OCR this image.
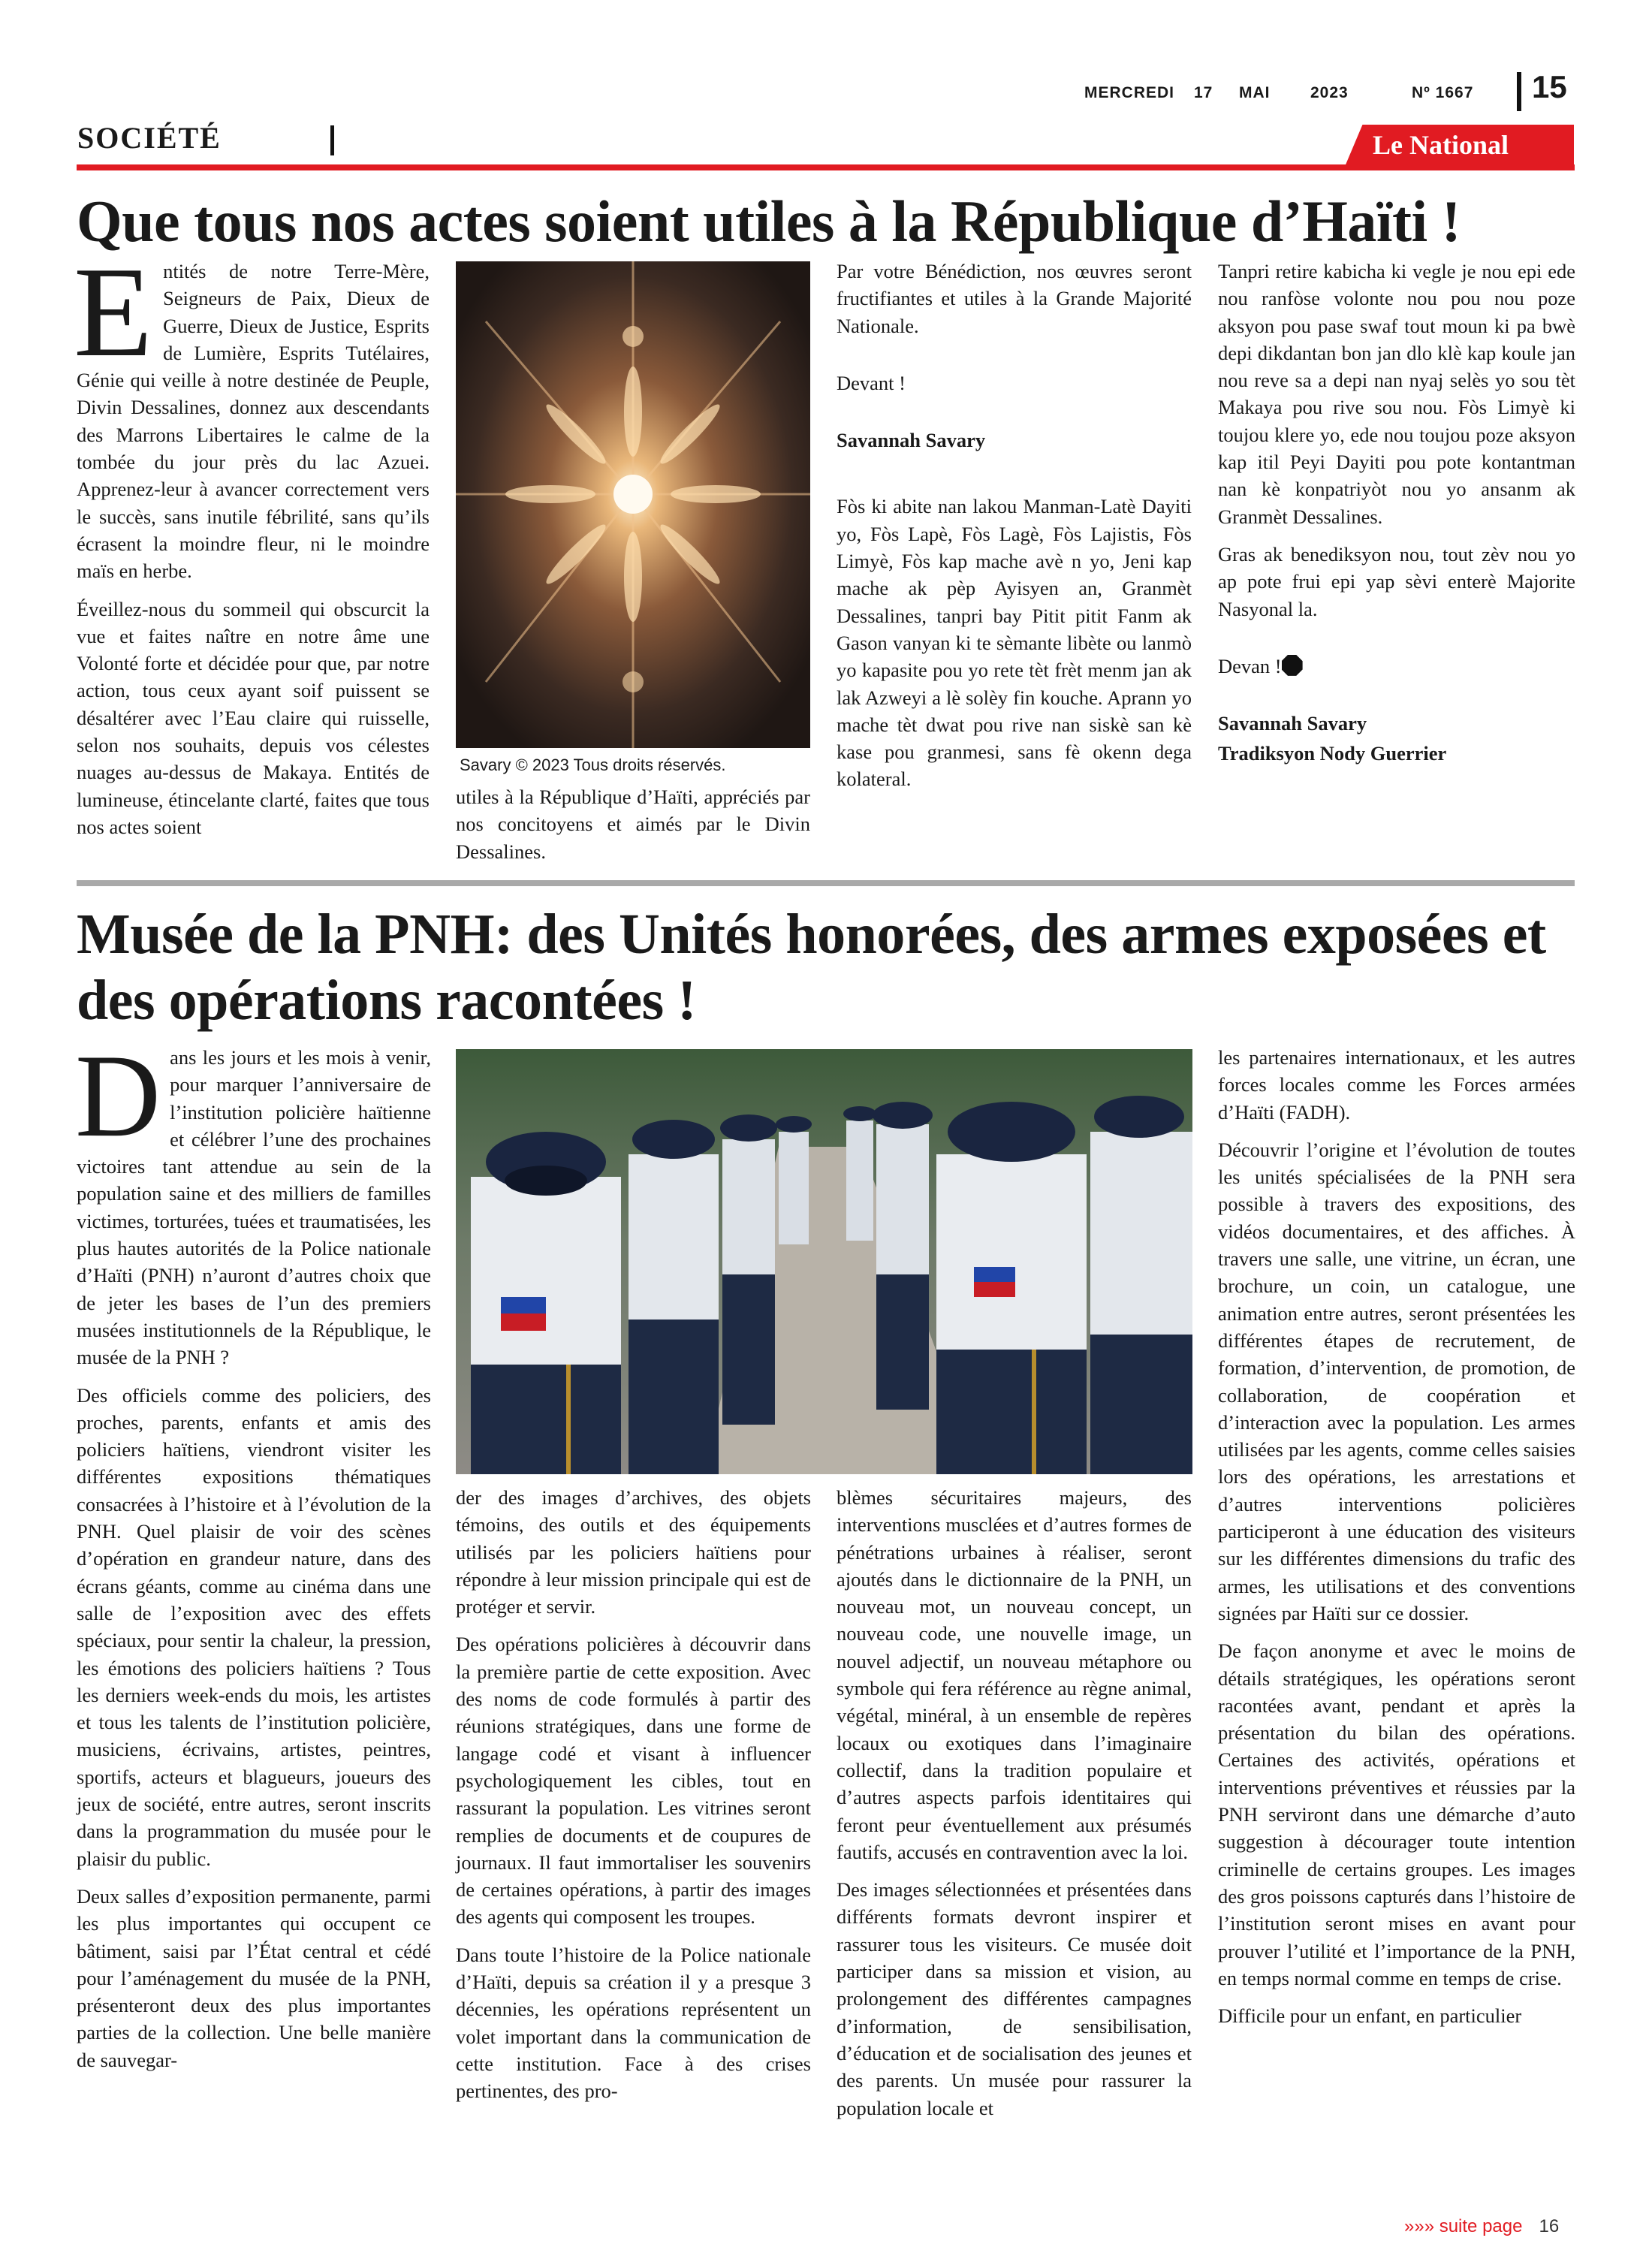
MERCREDI 17 MAI	2023	Nº 1667 15
SOCIÉTÉ	Le National
Que tous nos actes soient utiles à la République d’Haïti !

Entités de notre Terre-Mère, Seigneurs de Paix, Dieux de Guerre, Dieux de Justice, Esprits de Lumière, Esprits Tutélaires, Génie qui veille à notre destinée de Peuple, Divin Dessalines, donnez aux descendants des Marrons Libertaires le calme de la tombée du jour près du lac Azuei. Apprenez-leur à avancer correctement vers le succès, sans inutile fébrilité, sans qu’ils écrasent la moindre fleur, ni le moindre maïs en herbe.

Éveillez-nous du sommeil qui obscurcit la vue et faites naître en notre âme une Volonté forte et décidée pour que, par notre action, tous ceux ayant soif puissent se désaltérer avec l’Eau claire qui ruisselle, selon nos souhaits, depuis vos célestes nuages au-dessus de Makaya. Entités de lumineuse, étincelante clarté, faites que tous nos actes soient

Savary © 2023 Tous droits réservés.

utiles à la République d’Haïti, appréciés par nos concitoyens et aimés par le Divin Dessalines.

Par votre Bénédiction, nos œuvres seront fructifiantes et utiles à la Grande Majorité Nationale.

Devant !

Savannah Savary

Fòs ki abite nan lakou Manman-Latè Dayiti yo, Fòs Lapè, Fòs Lagè, Fòs Lajistis, Fòs Limyè, Fòs kap mache avè n yo, Jeni kap mache ak pèp Ayisyen an, Granmèt Dessalines, tanpri bay Pitit pitit Fanm ak Gason vanyan ki te sèmante libète ou lanmò yo kapasite pou yo rete tèt frèt menm jan ak lak Azweyi a lè solèy fin kouche. Aprann yo mache tèt dwat pou rive nan siskè san kè kase pou granmesi, sans fè okenn dega kolateral.

Tanpri retire kabicha ki vegle je nou epi ede nou ranfòse volonte nou pou nou poze aksyon pou pase swaf tout moun ki pa bwè depi dikdantan bon jan dlo klè kap koule jan nou reve sa a depi nan nyaj selès yo sou tèt Makaya pou rive sou nou. Fòs Limyè ki toujou klere yo, ede nou toujou poze aksyon kap itil Peyi Dayiti pou pote kontantman nan kè konpatriyòt nou yo ansanm ak Granmèt Dessalines.

Gras ak benediksyon nou, tout zèv nou yo ap pote frui epi yap sèvi enterè Majorite Nasyonal la.

Devan !

Savannah Savary

Tradiksyon Nody Guerrier

Musée de la PNH: des Unités honorées, des armes exposées et des opérations racontées !

Dans les jours et les mois à venir, pour marquer l’anniversaire de l’institution policière haïtienne et célébrer l’une des prochaines victoires tant attendue au sein de la population saine et des milliers de familles victimes, torturées, tuées et traumatisées, les plus hautes autorités de la Police nationale d’Haïti (PNH) n’auront d’autres choix que de jeter les bases de l’un des premiers musées institutionnels de la République, le musée de la PNH ?

Des officiels comme des policiers, des proches, parents, enfants et amis des policiers haïtiens, viendront visiter les différentes expositions thématiques consacrées à l’histoire et à l’évolution de la PNH. Quel plaisir de voir des scènes d’opération en grandeur nature, dans des écrans géants, comme au cinéma dans une salle de l’exposition avec des effets spéciaux, pour sentir la chaleur, la pression, les émotions des policiers haïtiens ? Tous les derniers week-ends du mois, les artistes et tous les talents de l’institution policière, musiciens, écrivains, artistes, peintres, sportifs, acteurs et blagueurs, joueurs des jeux de société, entre autres, seront inscrits dans la programmation du musée pour le plaisir du public.

Deux salles d’exposition permanente, parmi les plus importantes qui occupent ce bâtiment, saisi par l’État central et cédé pour l’aménagement du musée de la PNH, présenteront deux des plus importantes parties de la collection. Une belle manière de sauvegar-

der des images d’archives, des objets témoins, des outils et des équipements utilisés par les policiers haïtiens pour répondre à leur mission principale qui est de protéger et servir.

Des opérations policières à découvrir dans la première partie de cette exposition. Avec des noms de code formulés à partir des réunions stratégiques, dans une forme de langage codé et visant à influencer psychologiquement les cibles, tout en rassurant la population. Les vitrines seront remplies de documents et de coupures de journaux. Il faut immortaliser les souvenirs de certaines opérations, à partir des images des agents qui composent les troupes.

Dans toute l’histoire de la Police nationale d’Haïti, depuis sa création il y a presque 3 décennies, les opérations représentent un volet important dans la communication de cette institution. Face à des crises pertinentes, des pro-

blèmes sécuritaires majeurs, des interventions musclées et d’autres formes de pénétrations urbaines à réaliser, seront ajoutés dans le dictionnaire de la PNH, un nouveau mot, un nouveau concept, un nouveau code, une nouvelle image, un nouvel adjectif, un nouveau métaphore ou symbole qui fera référence au règne animal, végétal, minéral, à un ensemble de repères locaux ou exotiques dans l’imaginaire collectif, dans la tradition populaire et d’autres aspects parfois identitaires qui feront peur éventuellement aux présumés fautifs, accusés en contravention avec la loi.

Des images sélectionnées et présentées dans différents formats devront inspirer et rassurer tous les visiteurs. Ce musée doit participer dans sa mission et vision, au prolongement des différentes campagnes d’information, de sensibilisation, d’éducation et de socialisation des jeunes et des parents. Un musée pour rassurer la population locale et

les partenaires internationaux, et les autres forces locales comme les Forces armées d’Haïti (FADH).

Découvrir l’origine et l’évolution de toutes les unités spécialisées de la PNH sera possible à travers des expositions, des vidéos documentaires, et des affiches. À travers une salle, une vitrine, un écran, une brochure, un coin, un catalogue, une animation entre autres, seront présentées les différentes étapes de recrutement, de formation, d’intervention, de promotion, de collaboration, de coopération et d’interaction avec la population. Les armes utilisées par les agents, comme celles saisies lors des opérations, les arrestations et d’autres interventions policières participeront à une éducation des visiteurs sur les différentes dimensions du trafic des armes, les utilisations et des conventions signées par Haïti sur ce dossier.

De façon anonyme et avec le moins de détails stratégiques, les opérations seront racontées avant, pendant et après la présentation du bilan des opérations. Certaines des activités, opérations et interventions préventives et réussies par la PNH serviront dans une démarche d’auto suggestion à décourager toute intention criminelle de certains groupes. Les images des gros poissons capturés dans l’histoire de l’institution seront mises en avant pour prouver l’utilité et l’importance de la PNH, en temps normal comme en temps de crise.

Difficile pour un enfant, en particulier

»»» suite page 16
